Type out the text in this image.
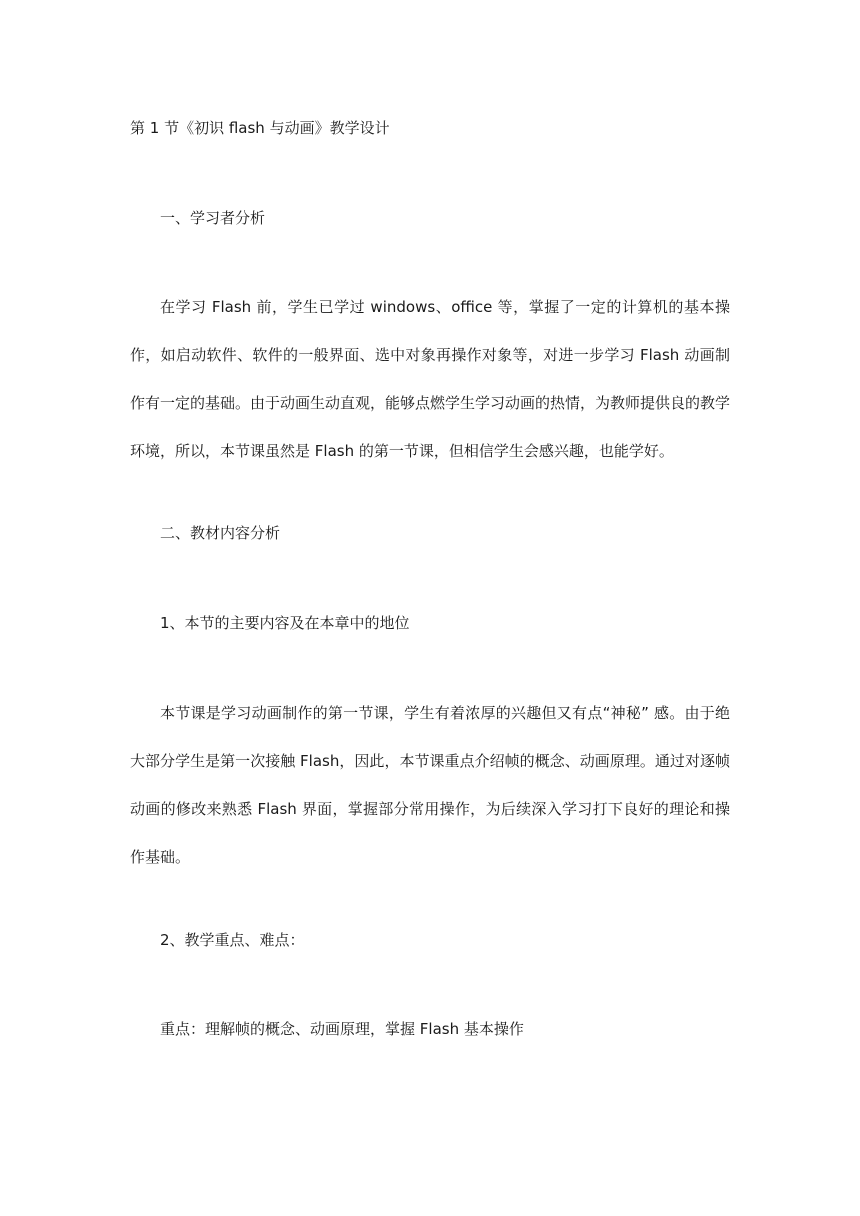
第 1 节《初识 flash 与动画》教学设计
一、学习者分析
在学习 Flash 前，学生已学过 windows、office 等，掌握了一定的计算机的基本操作，如启动软件、软件的一般界面、选中对象再操作对象等，对进一步学习 Flash 动画制作有一定的基础。由于动画生动直观，能够点燃学生学习动画的热情，为教师提供良的教学环境，所以，本节课虽然是 Flash 的第一节课，但相信学生会感兴趣，也能学好。
二、教材内容分析
1、本节的主要内容及在本章中的地位
本节课是学习动画制作的第一节课，学生有着浓厚的兴趣但又有点“神秘” 感。由于绝大部分学生是第一次接触 Flash，因此，本节课重点介绍帧的概念、动画原理。通过对逐帧动画的修改来熟悉 Flash 界面，掌握部分常用操作，为后续深入学习打下良好的理论和操作基础。
2、教学重点、难点：
重点：理解帧的概念、动画原理，掌握 Flash 基本操作
